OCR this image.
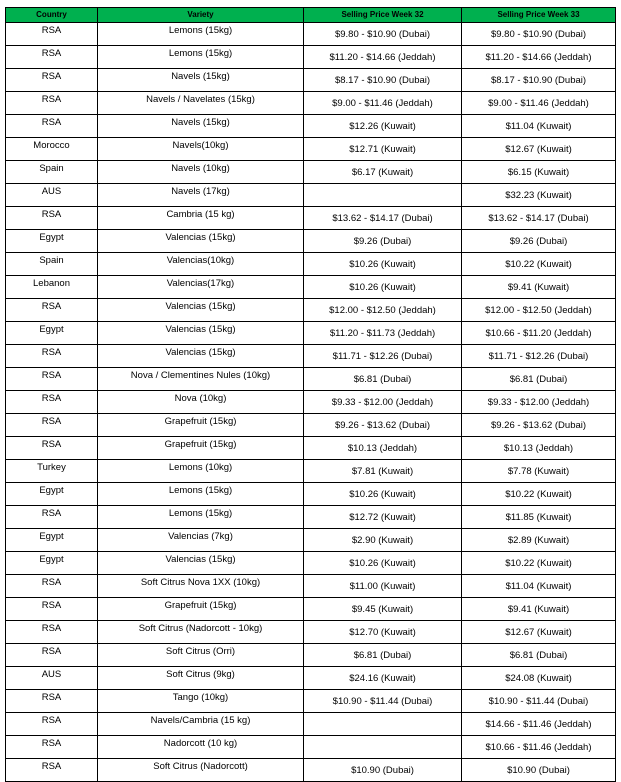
Country	Variety	Selling Price Week 32	Selling Price Week 33
RSA	Lemons (15kg)	$9.80 - $10.90 (Dubai)	$9.80 - $10.90 (Dubai)
RSA	Lemons (15kg)	$11.20 - $14.66 (Jeddah)	$11.20 - $14.66 (Jeddah)
RSA	Navels (15kg)	$8.17 - $10.90 (Dubai)	$8.17 - $10.90 (Dubai)
RSA	Navels / Navelates (15kg)	$9.00 - $11.46 (Jeddah)	$9.00 - $11.46 (Jeddah)
RSA	Navels (15kg)	$12.26 (Kuwait)	$11.04 (Kuwait)
Morocco	Navels(10kg)	$12.71 (Kuwait)	$12.67 (Kuwait)
Spain	Navels (10kg)	$6.17 (Kuwait)	$6.15 (Kuwait)
AUS	Navels (17kg)		$32.23 (Kuwait)
RSA	Cambria (15 kg)	$13.62 - $14.17 (Dubai)	$13.62 - $14.17 (Dubai)
Egypt	Valencias (15kg)	$9.26 (Dubai)	$9.26 (Dubai)
Spain	Valencias(10kg)	$10.26 (Kuwait)	$10.22 (Kuwait)
Lebanon	Valencias(17kg)	$10.26 (Kuwait)	$9.41 (Kuwait)
RSA	Valencias (15kg)	$12.00 - $12.50 (Jeddah)	$12.00 - $12.50 (Jeddah)
Egypt	Valencias (15kg)	$11.20 - $11.73 (Jeddah)	$10.66 - $11.20 (Jeddah)
RSA	Valencias (15kg)	$11.71 - $12.26 (Dubai)	$11.71 - $12.26 (Dubai)
RSA	Nova / Clementines Nules (10kg)	$6.81 (Dubai)	$6.81 (Dubai)
RSA	Nova (10kg)	$9.33 - $12.00 (Jeddah)	$9.33 - $12.00 (Jeddah)
RSA	Grapefruit (15kg)	$9.26 - $13.62 (Dubai)	$9.26 - $13.62 (Dubai)
RSA	Grapefruit (15kg)	$10.13 (Jeddah)	$10.13 (Jeddah)
Turkey	Lemons (10kg)	$7.81 (Kuwait)	$7.78 (Kuwait)
Egypt	Lemons (15kg)	$10.26 (Kuwait)	$10.22 (Kuwait)
RSA	Lemons (15kg)	$12.72 (Kuwait)	$11.85 (Kuwait)
Egypt	Valencias (7kg)	$2.90 (Kuwait)	$2.89 (Kuwait)
Egypt	Valencias (15kg)	$10.26 (Kuwait)	$10.22 (Kuwait)
RSA	Soft Citrus Nova 1XX (10kg)	$11.00 (Kuwait)	$11.04 (Kuwait)
RSA	Grapefruit (15kg)	$9.45 (Kuwait)	$9.41 (Kuwait)
RSA	Soft Citrus (Nadorcott - 10kg)	$12.70 (Kuwait)	$12.67 (Kuwait)
RSA	Soft Citrus (Orri)	$6.81 (Dubai)	$6.81 (Dubai)
AUS	Soft Citrus (9kg)	$24.16 (Kuwait)	$24.08 (Kuwait)
RSA	Tango (10kg)	$10.90 - $11.44 (Dubai)	$10.90 - $11.44 (Dubai)
RSA	Navels/Cambria (15 kg)		$14.66 - $11.46 (Jeddah)
RSA	Nadorcott (10 kg)		$10.66 - $11.46 (Jeddah)
RSA	Soft Citrus (Nadorcott)	$10.90 (Dubai)	$10.90 (Dubai)
